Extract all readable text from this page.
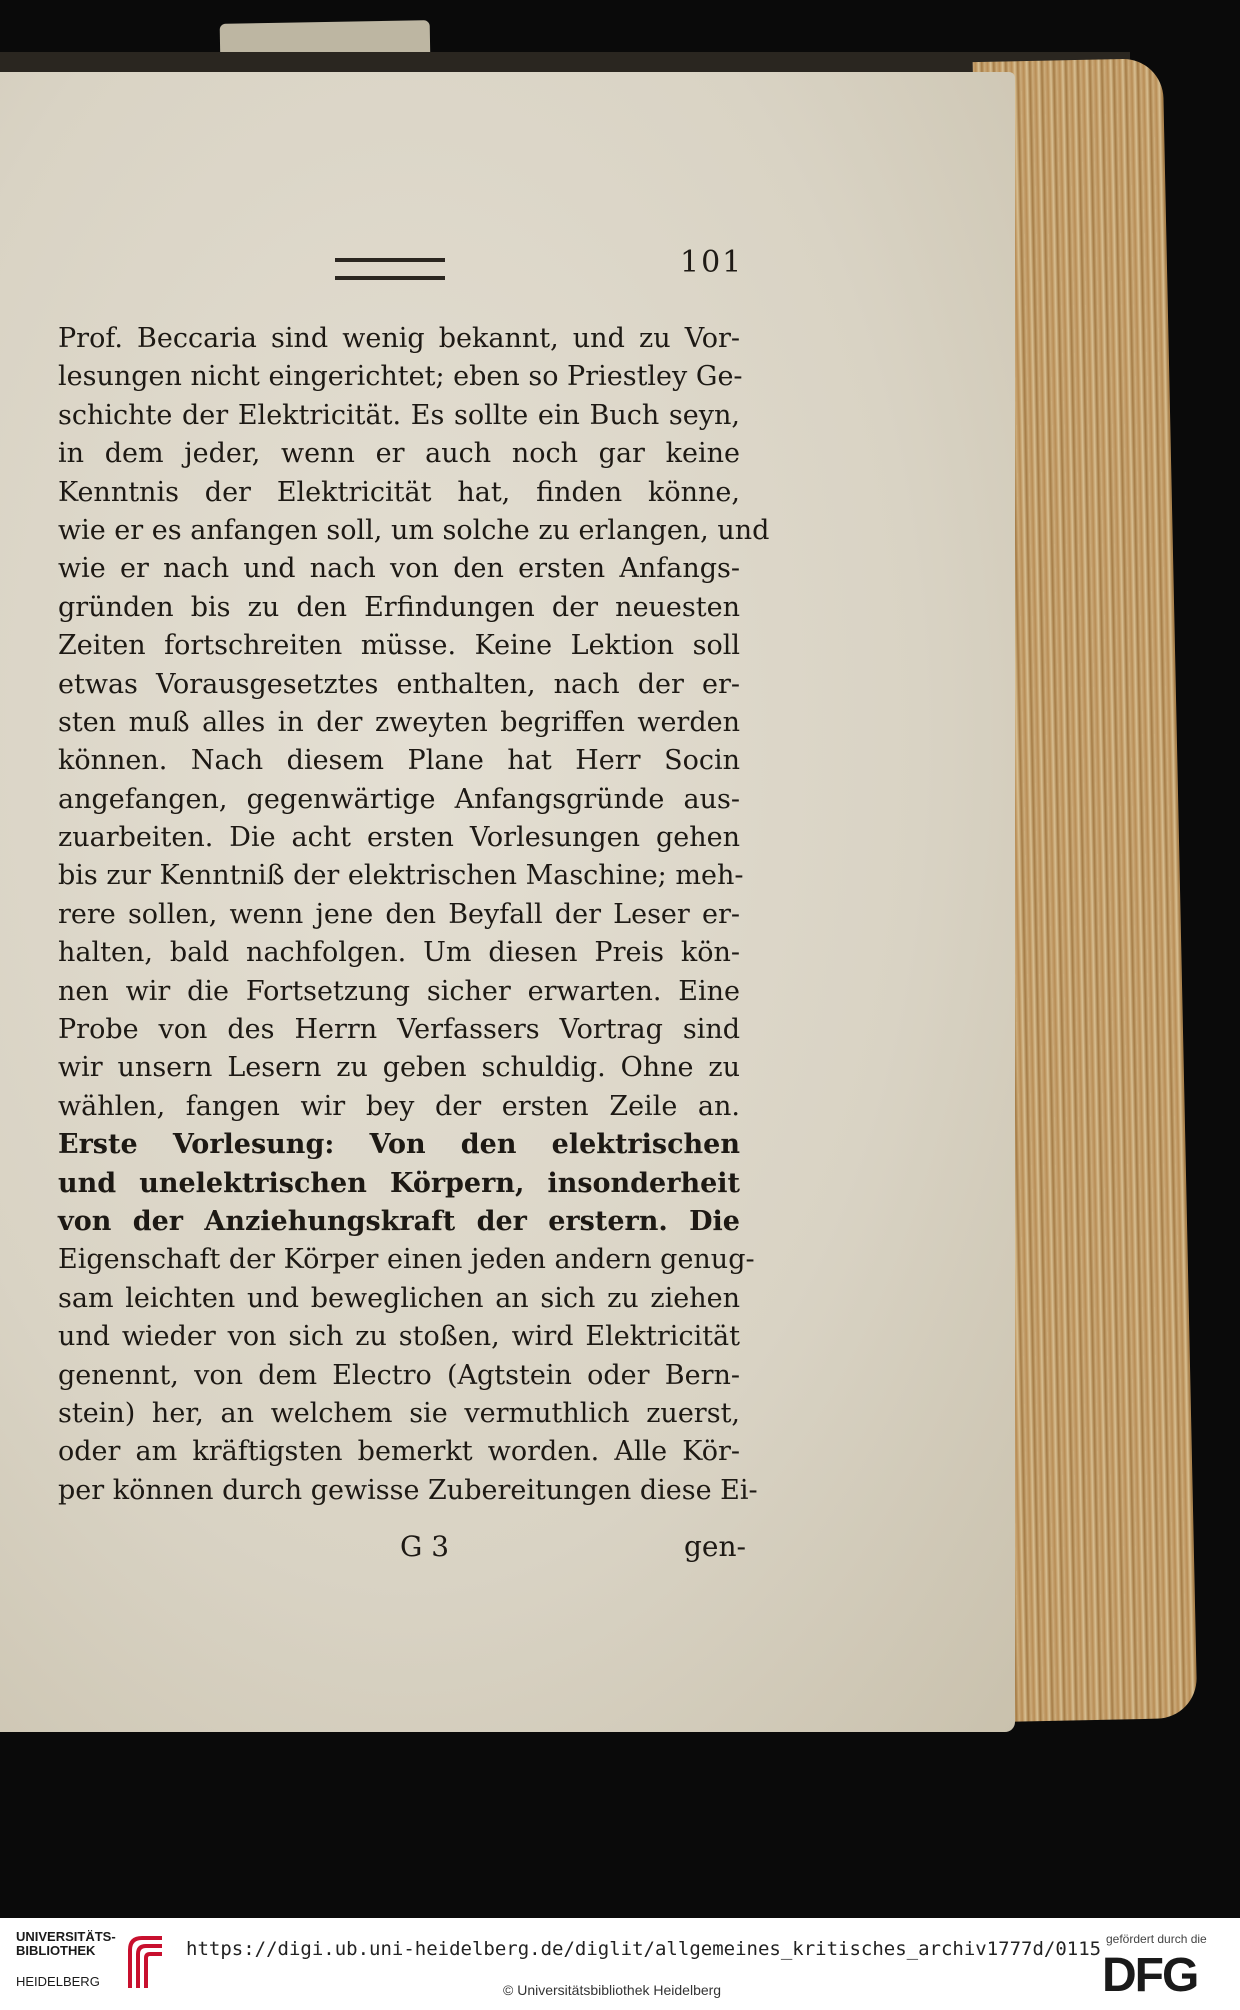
101
Prof. Beccaria sind wenig bekannt, und zu Vor-
lesungen nicht eingerichtet; eben so Priestley Ge-
schichte der Elektricität. Es sollte ein Buch seyn,
in dem jeder, wenn er auch noch gar keine
Kenntnis der Elektricität hat, finden könne,
wie er es anfangen soll, um solche zu erlangen, und
wie er nach und nach von den ersten Anfangs-
gründen bis zu den Erfindungen der neuesten
Zeiten fortschreiten müsse. Keine Lektion soll
etwas Vorausgesetztes enthalten, nach der er-
sten muß alles in der zweyten begriffen werden
können. Nach diesem Plane hat Herr Socin
angefangen, gegenwärtige Anfangsgründe aus-
zuarbeiten. Die acht ersten Vorlesungen gehen
bis zur Kenntniß der elektrischen Maschine; meh-
rere sollen, wenn jene den Beyfall der Leser er-
halten, bald nachfolgen. Um diesen Preis kön-
nen wir die Fortsetzung sicher erwarten. Eine
Probe von des Herrn Verfassers Vortrag sind
wir unsern Lesern zu geben schuldig. Ohne zu
wählen, fangen wir bey der ersten Zeile an.
Erste Vorlesung: Von den elektrischen
und unelektrischen Körpern, insonderheit
von der Anziehungskraft der erstern. Die
Eigenschaft der Körper einen jeden andern genug-
sam leichten und beweglichen an sich zu ziehen
und wieder von sich zu stoßen, wird Elektricität
genennt, von dem Electro (Agtstein oder Bern-
stein) her, an welchem sie vermuthlich zuerst,
oder am kräftigsten bemerkt worden. Alle Kör-
per können durch gewisse Zubereitungen diese Ei-
G 3	gen-
UNIVERSITÄTS-
BIBLIOTHEK
HEIDELBERG
https://digi.ub.uni-heidelberg.de/diglit/allgemeines_kritisches_archiv1777d/0115
© Universitätsbibliothek Heidelberg
gefördert durch die
DFG
